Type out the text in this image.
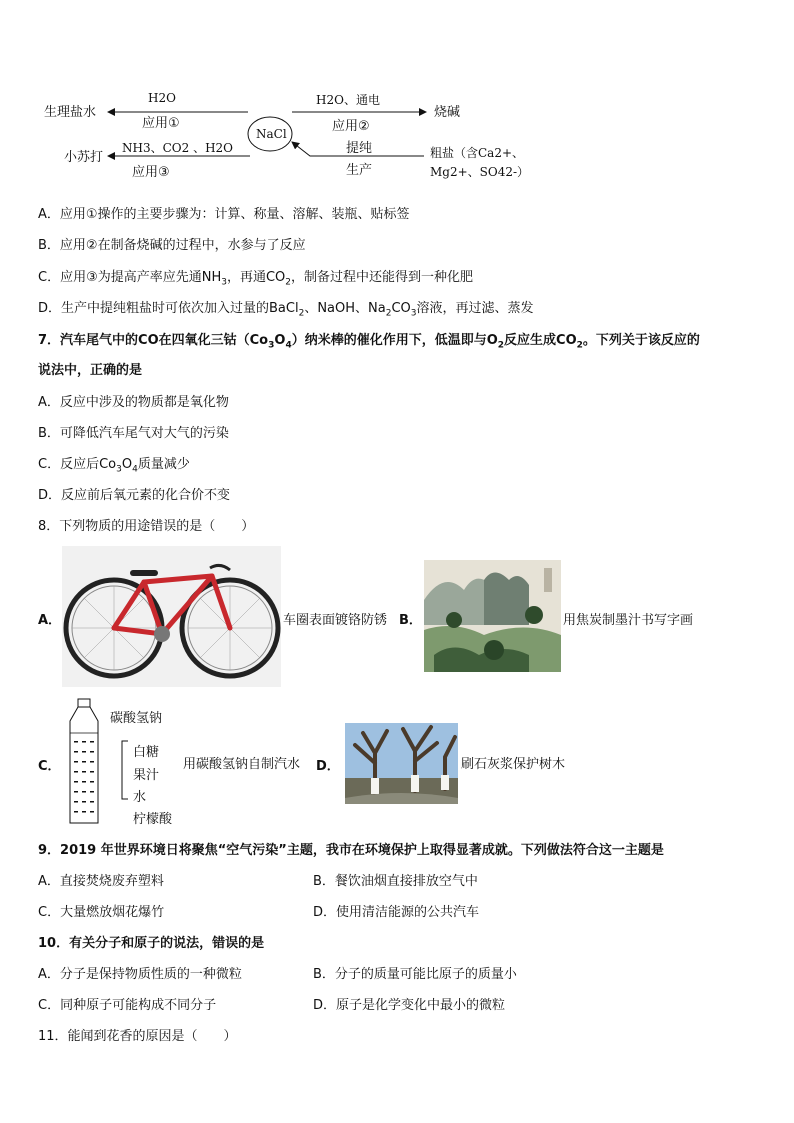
NaCl
生理盐水
H2O
应用①
小苏打
NH3、CO2 、H2O
应用③
烧碱
H2O、通电
应用②
提纯
生产
粗盐（含Ca2+、
Mg2+、SO42-）
A．应用①操作的主要步骤为：计算、称量、溶解、装瓶、贴标签
B．应用②在制备烧碱的过程中，水参与了反应
C．应用③为提高产率应先通$NH_3$，再通$CO_2$，制备过程中还能得到一种化肥
D．生产中提纯粗盐时可依次加入过量的BaCl$_2$、NaOH、$Na_2CO_3$溶液，再过滤、蒸发
7．汽车尾气中的CO在四氧化三钴$(Co_3O_4)$纳米棒的催化作用下，低温即与$O_2$反应生成$CO_2$。下列关于该反应的
说法中，正确的是
A．反应中涉及的物质都是氧化物
B．可降低汽车尾气对大气的污染
C．反应后$Co_3O_4$质量减少
D．反应前后氧元素的化合价不变
8．下列物质的用途错误的是（　　）
A．	车圈表面镀铬防锈 B．	用焦炭制墨汁书写字画
C．
碳酸氢钠
白糖
果汁
水
柠檬酸
用碳酸氢钠自制汽水 D．	刷石灰浆保护树木
9．2019 年世界环境日将聚焦“空气污染”主题，我市在环境保护上取得显著成就。下列做法符合这一主题是
A．直接焚烧废弃塑料	B．餐饮油烟直接排放空气中
C．大量燃放烟花爆竹	D．使用清洁能源的公共汽车
10．有关分子和原子的说法，错误的是
A．分子是保持物质性质的一种微粒	B．分子的质量可能比原子的质量小
C．同种原子可能构成不同分子	D．原子是化学变化中最小的微粒
11．能闻到花香的原因是（　　）
